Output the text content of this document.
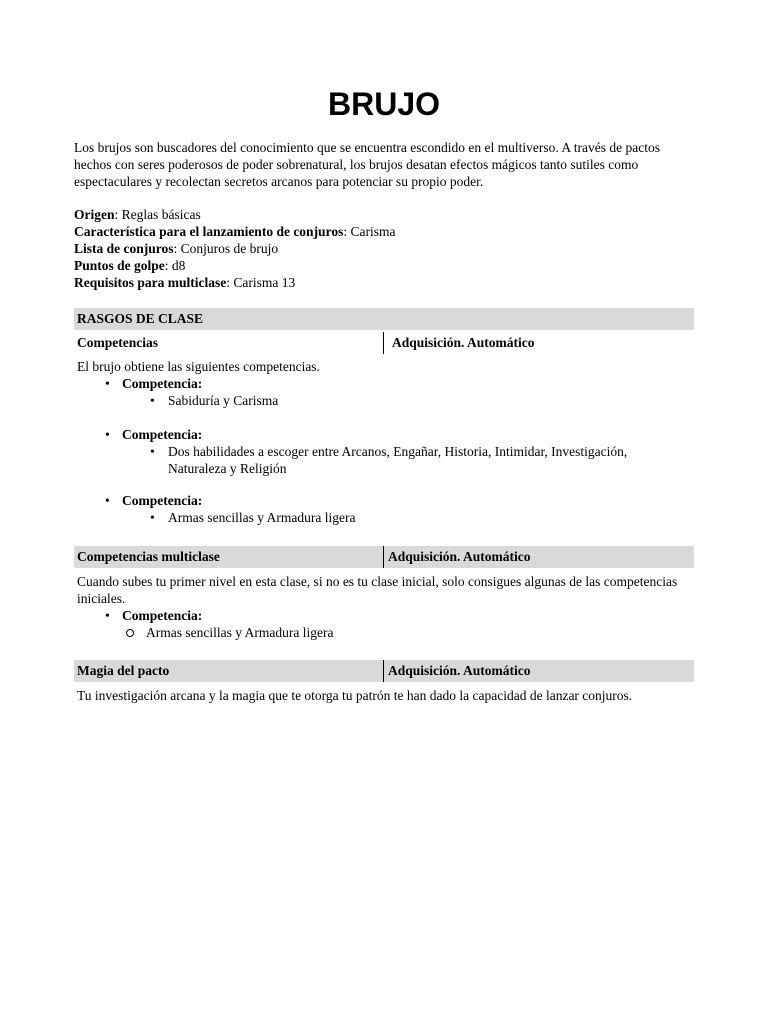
BRUJO
Los brujos son buscadores del conocimiento que se encuentra escondido en el multiverso. A través de pactos hechos con seres poderosos de poder sobrenatural, los brujos desatan efectos mágicos tanto sutiles como espectaculares y recolectan secretos arcanos para potenciar su propio poder.
Origen: Reglas básicas
Característica para el lanzamiento de conjuros: Carisma
Lista de conjuros: Conjuros de brujo
Puntos de golpe: d8
Requisitos para multiclase: Carisma 13
RASGOS DE CLASE
Competencias	Adquisición. Automático
El brujo obtiene las siguientes competencias.
• Competencia:
• Sabiduría y Carisma
• Competencia:
• Dos habilidades a escoger entre Arcanos, Engañar, Historia, Intimidar, Investigación, Naturaleza y Religión
• Competencia:
• Armas sencillas y Armadura ligera
Competencias multiclase	Adquisición. Automático
Cuando subes tu primer nivel en esta clase, si no es tu clase inicial, solo consigues algunas de las competencias iniciales.
• Competencia:
Armas sencillas y Armadura ligera
Magia del pacto	Adquisición. Automático
Tu investigación arcana y la magia que te otorga tu patrón te han dado la capacidad de lanzar conjuros.
